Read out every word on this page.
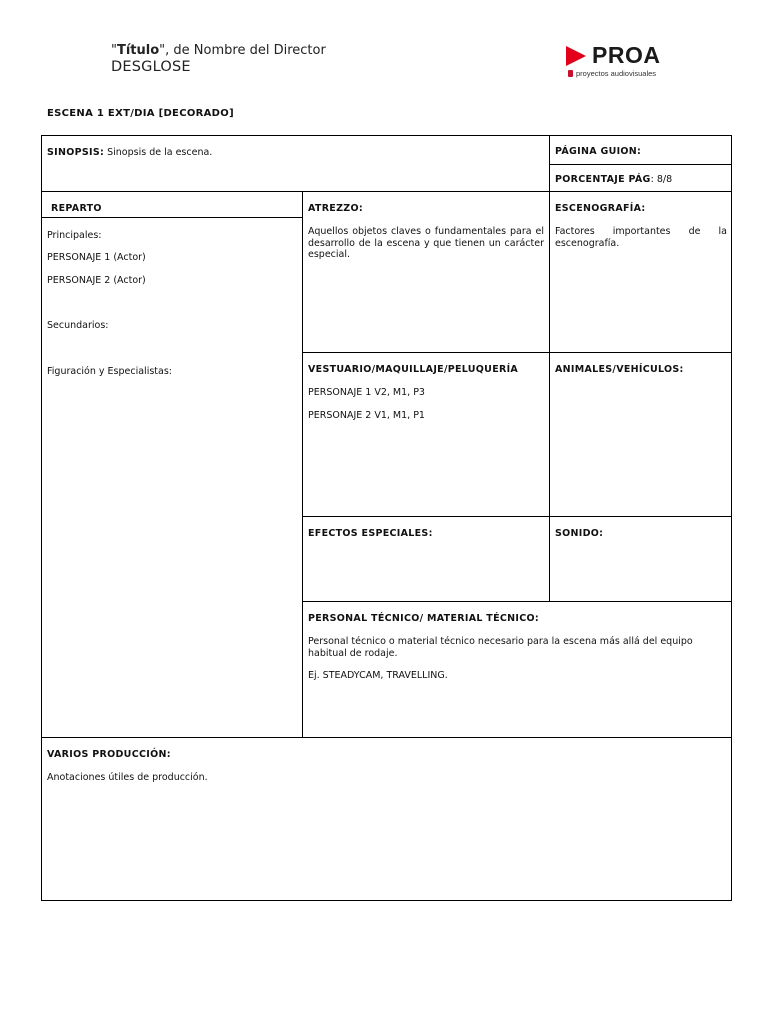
"Título", de Nombre del Director
DESGLOSE	PROA
proyectos audiovisuales
ESCENA 1 EXT/DIA [DECORADO]
SINOPSIS: Sinopsis de la escena.	PÁGINA GUION:
PORCENTAJE PÁG: 8/8
REPARTO
Principales:
PERSONAJE 1 (Actor)
PERSONAJE 2 (Actor)
Secundarios:
Figuración y Especialistas:
ATREZZO:
Aquellos objetos claves o fundamentales para el desarrollo de la escena y que tienen un carácter especial.
ESCENOGRAFÍA:
Factores importantes de la escenografía.
VESTUARIO/MAQUILLAJE/PELUQUERÍA
PERSONAJE 1 V2, M1, P3
PERSONAJE 2 V1, M1, P1
ANIMALES/VEHÍCULOS:
EFECTOS ESPECIALES:	SONIDO:
PERSONAL TÉCNICO/ MATERIAL TÉCNICO:
Personal técnico o material técnico necesario para la escena más allá del equipo habitual de rodaje.
Ej. STEADYCAM, TRAVELLING.
VARIOS PRODUCCIÓN:
Anotaciones útiles de producción.
